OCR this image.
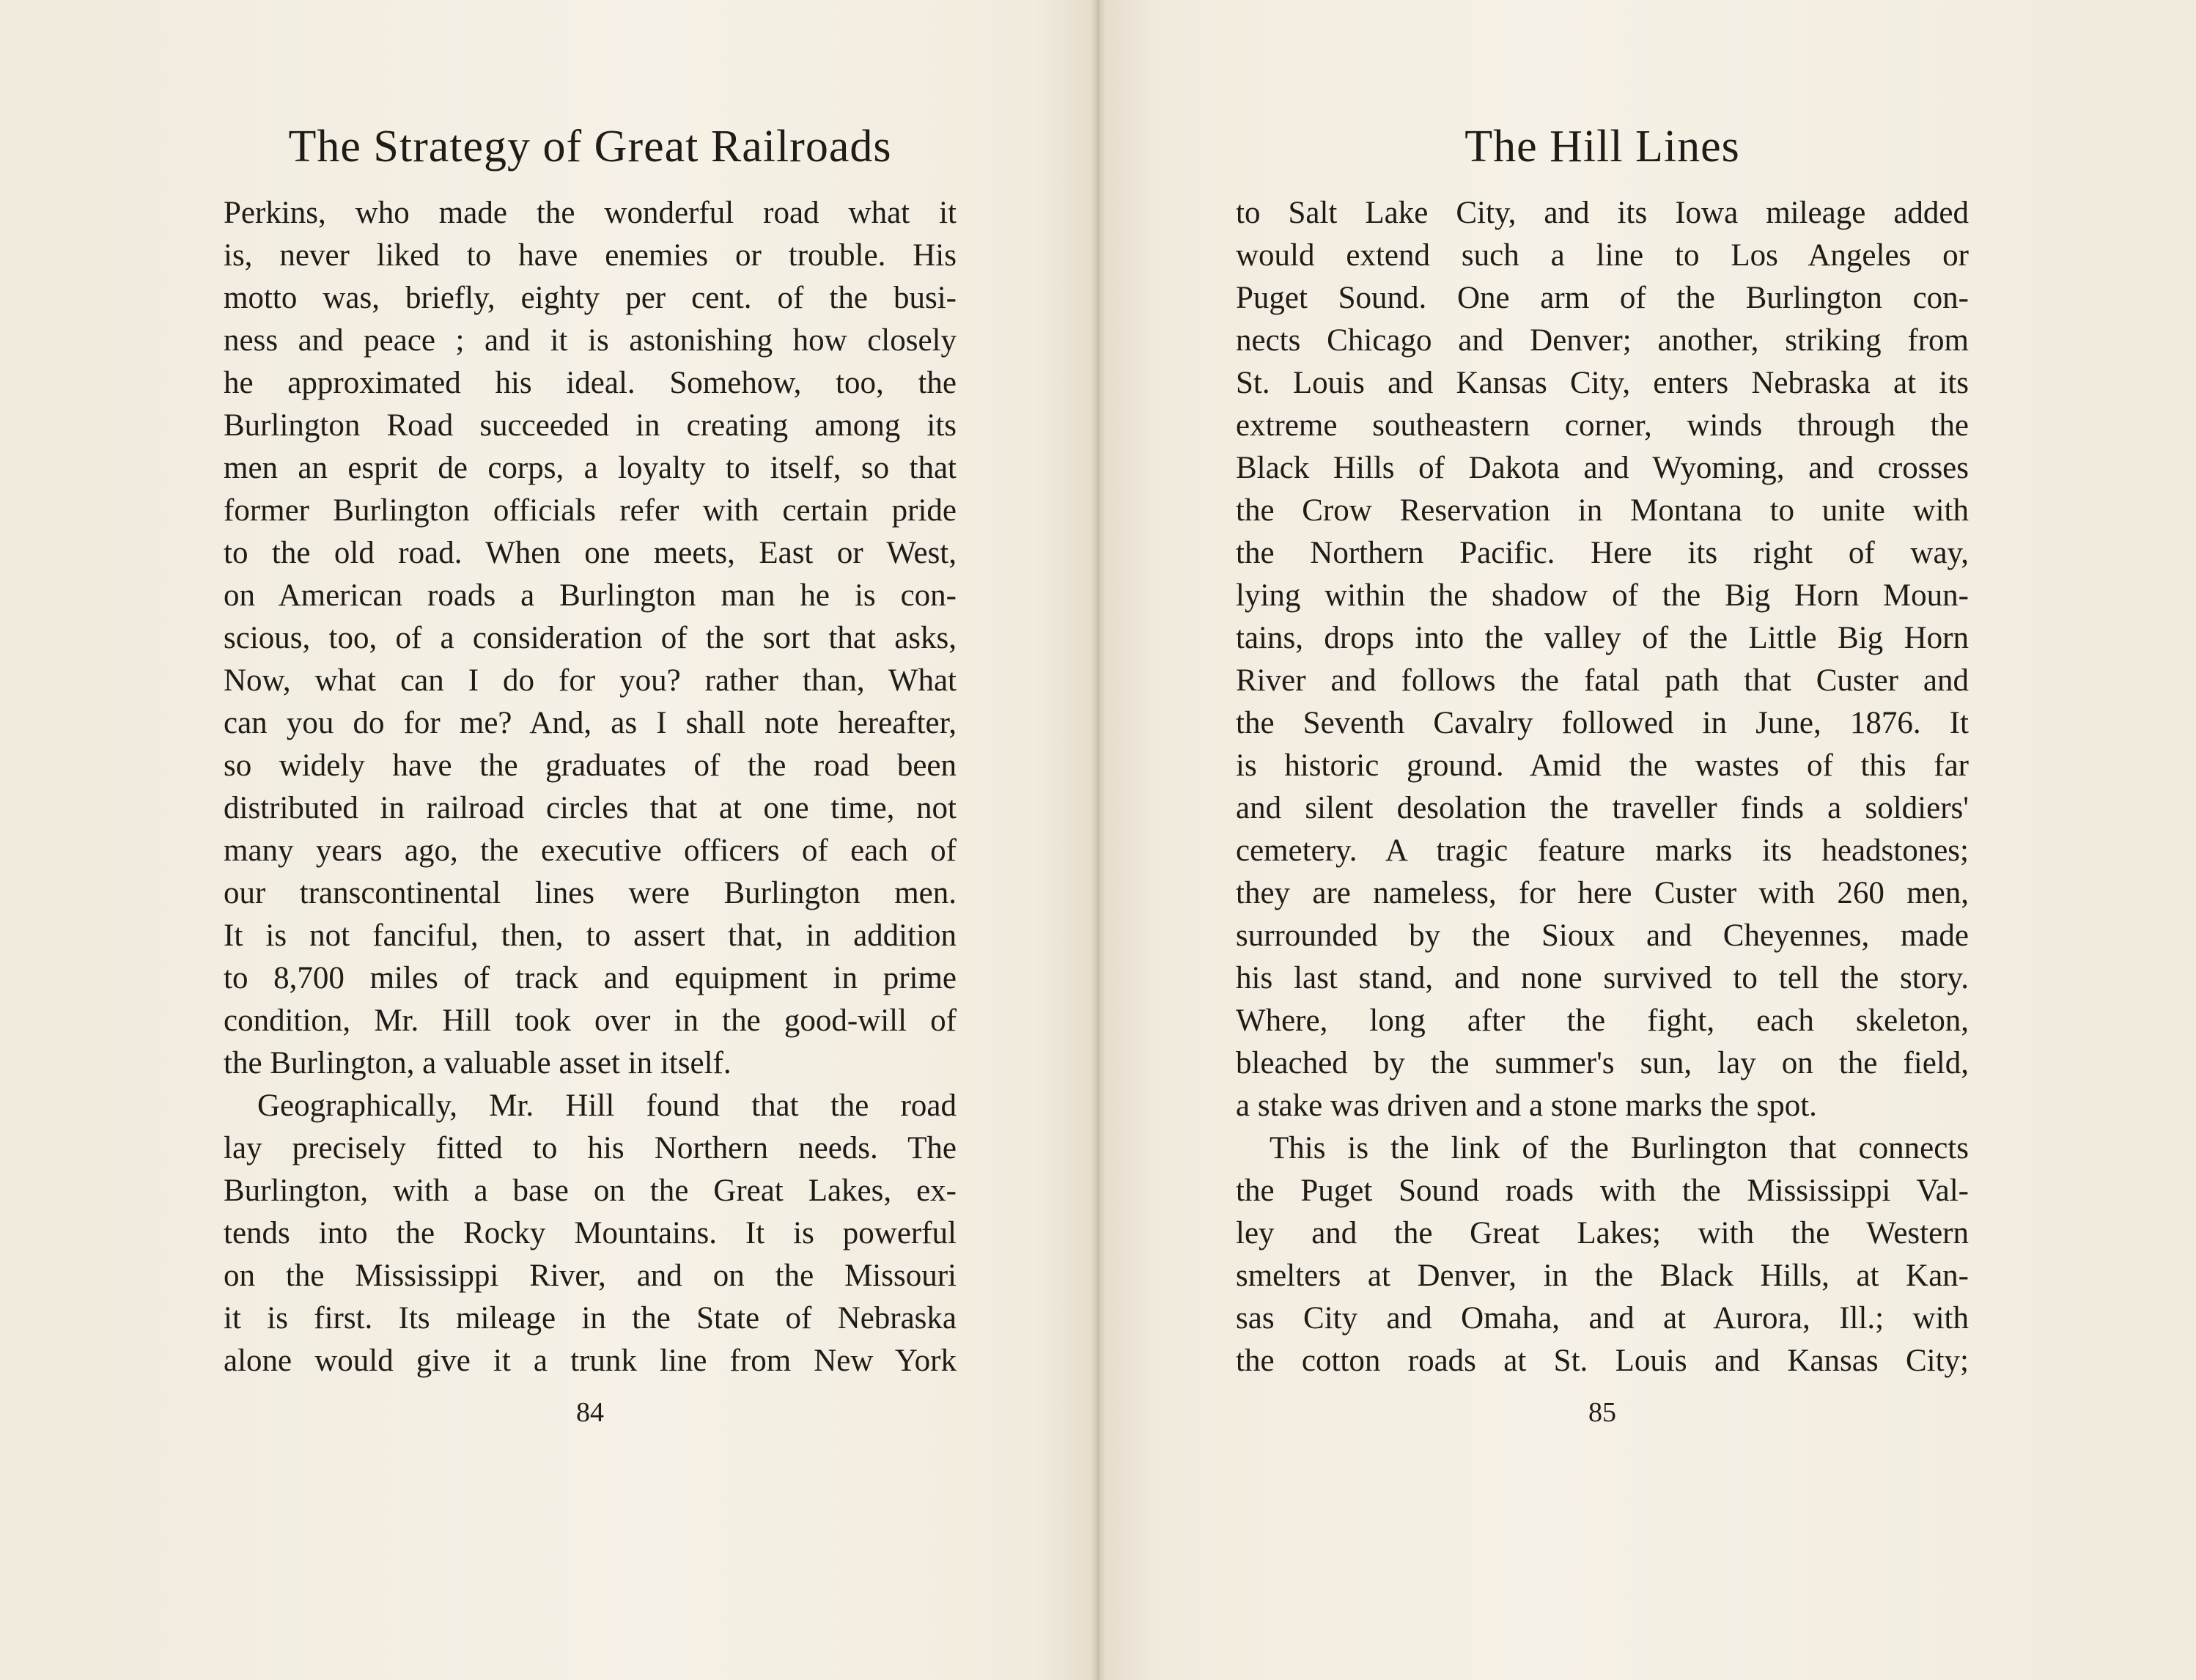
The Strategy of Great Railroads
Perkins, who made the wonderful road what it
is, never liked to have enemies or trouble. His
motto was, briefly, eighty per cent. of the busi-
ness and peace ; and it is astonishing how closely
he approximated his ideal. Somehow, too, the
Burlington Road succeeded in creating among its
men an esprit de corps, a loyalty to itself, so that
former Burlington officials refer with certain pride
to the old road. When one meets, East or West,
on American roads a Burlington man he is con-
scious, too, of a consideration of the sort that asks,
Now, what can I do for you? rather than, What
can you do for me? And, as I shall note hereafter,
so widely have the graduates of the road been
distributed in railroad circles that at one time, not
many years ago, the executive officers of each of
our transcontinental lines were Burlington men.
It is not fanciful, then, to assert that, in addition
to 8,700 miles of track and equipment in prime
condition, Mr. Hill took over in the good-will of
the Burlington, a valuable asset in itself.
Geographically, Mr. Hill found that the road
lay precisely fitted to his Northern needs. The
Burlington, with a base on the Great Lakes, ex-
tends into the Rocky Mountains. It is powerful
on the Mississippi River, and on the Missouri
it is first. Its mileage in the State of Nebraska
alone would give it a trunk line from New York
84
The Hill Lines
to Salt Lake City, and its Iowa mileage added
would extend such a line to Los Angeles or
Puget Sound. One arm of the Burlington con-
nects Chicago and Denver; another, striking from
St. Louis and Kansas City, enters Nebraska at its
extreme southeastern corner, winds through the
Black Hills of Dakota and Wyoming, and crosses
the Crow Reservation in Montana to unite with
the Northern Pacific. Here its right of way,
lying within the shadow of the Big Horn Moun-
tains, drops into the valley of the Little Big Horn
River and follows the fatal path that Custer and
the Seventh Cavalry followed in June, 1876. It
is historic ground. Amid the wastes of this far
and silent desolation the traveller finds a soldiers'
cemetery. A tragic feature marks its headstones;
they are nameless, for here Custer with 260 men,
surrounded by the Sioux and Cheyennes, made
his last stand, and none survived to tell the story.
Where, long after the fight, each skeleton,
bleached by the summer's sun, lay on the field,
a stake was driven and a stone marks the spot.
This is the link of the Burlington that connects
the Puget Sound roads with the Mississippi Val-
ley and the Great Lakes; with the Western
smelters at Denver, in the Black Hills, at Kan-
sas City and Omaha, and at Aurora, Ill.; with
the cotton roads at St. Louis and Kansas City;
85
